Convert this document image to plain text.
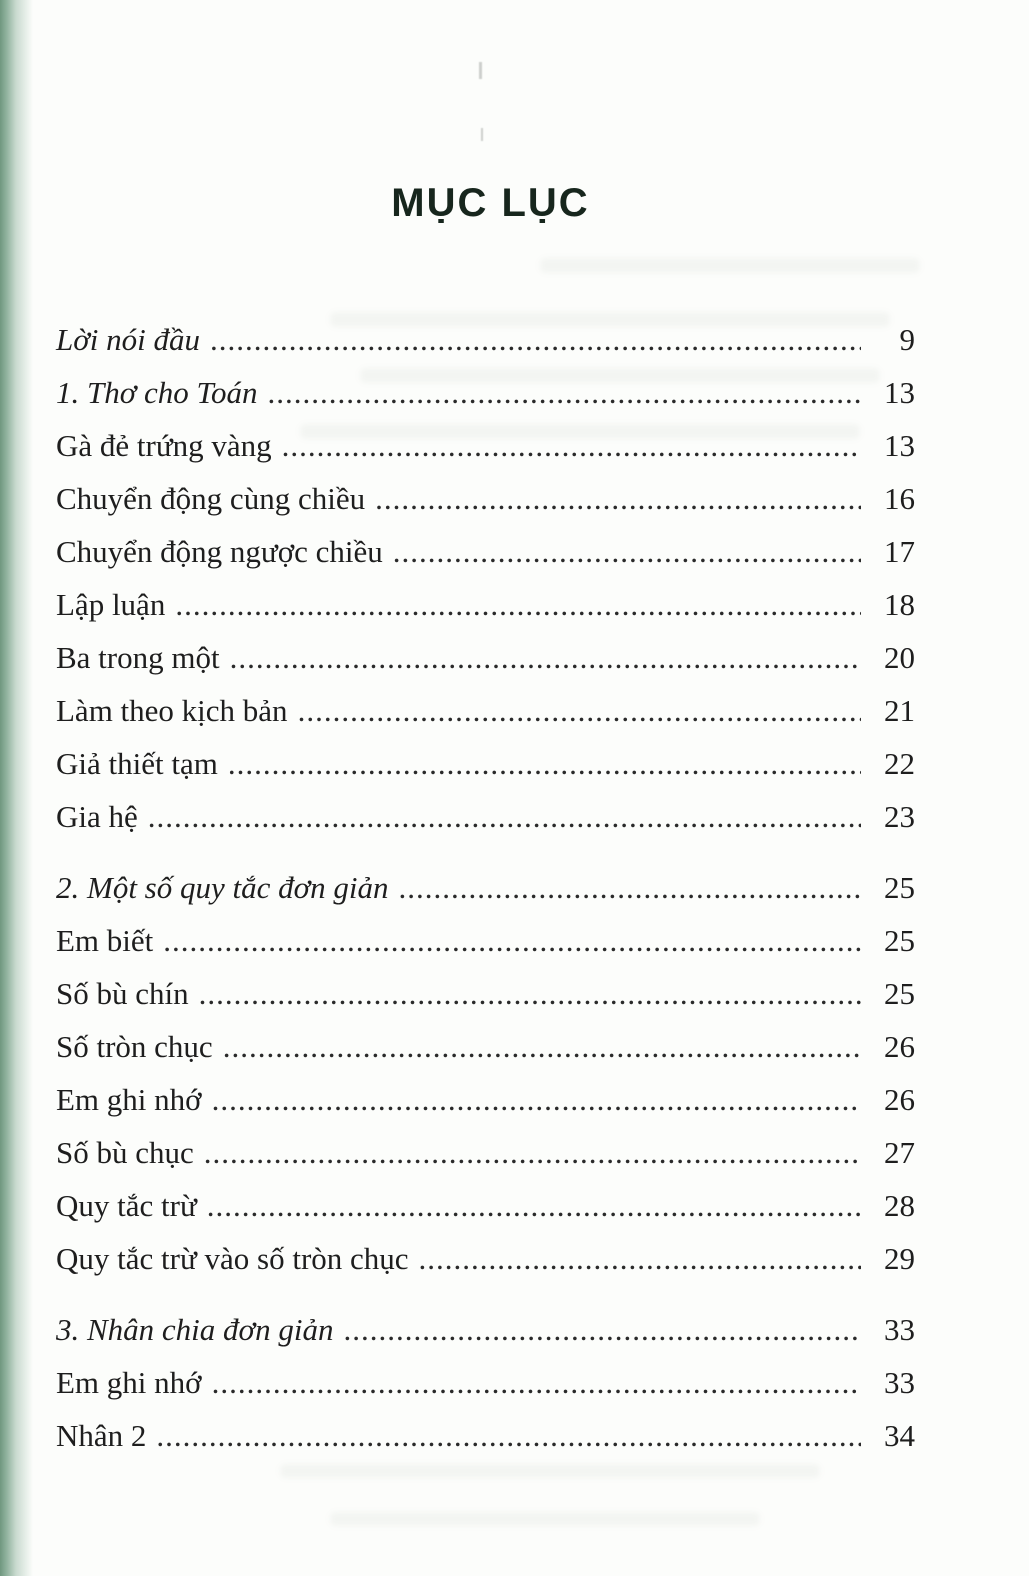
MỤC LỤC
Lời nói đầu .....	9
1. Thơ cho Toán .....	13
Gà đẻ trứng vàng .....	13
Chuyển động cùng chiều .....	16
Chuyển động ngược chiều .....	17
Lập luận .....	18
Ba trong một .....	20
Làm theo kịch bản .....	21
Giả thiết tạm .....	22
Gia hệ .....	23
2. Một số quy tắc đơn giản .....	25
Em biết .....	25
Số bù chín .....	25
Số tròn chục .....	26
Em ghi nhớ .....	26
Số bù chục .....	27
Quy tắc trừ .....	28
Quy tắc trừ vào số tròn chục .....	29
3. Nhân chia đơn giản .....	33
Em ghi nhớ .....	33
Nhân 2 .....	34
